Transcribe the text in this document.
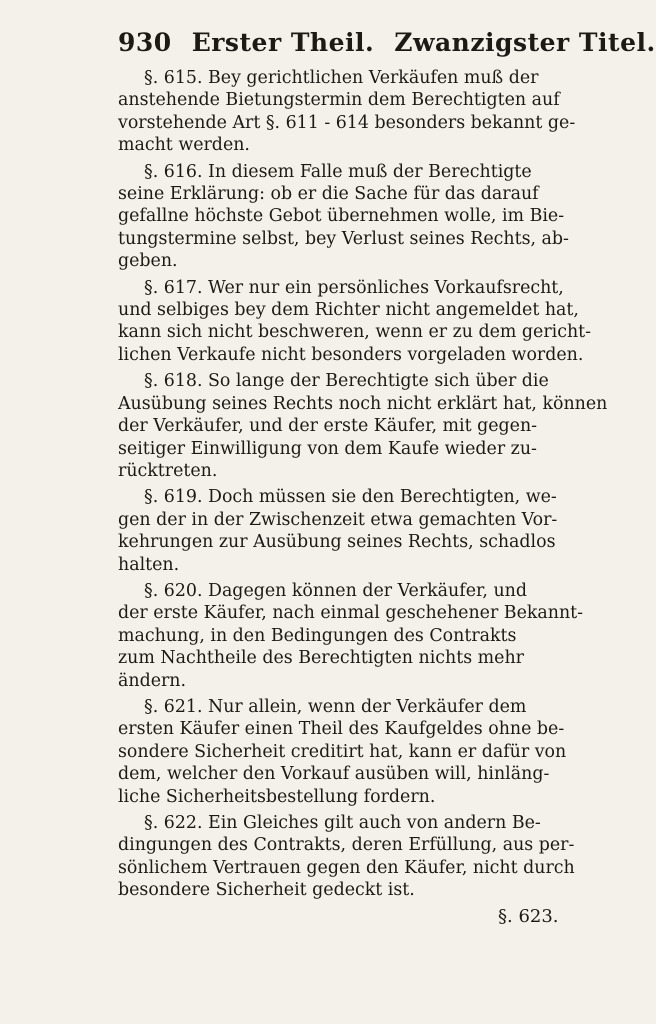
930 Erster Theil. Zwanzigster Titel.
§. 615. Bey gerichtlichen Verkäufen muß der
anstehende Bietungstermin dem Berechtigten auf
vorstehende Art §. 611 - 614 besonders bekannt ge-
macht werden.
§. 616. In diesem Falle muß der Berechtigte
seine Erklärung: ob er die Sache für das darauf
gefallne höchste Gebot übernehmen wolle, im Bie-
tungstermine selbst, bey Verlust seines Rechts, ab-
geben.
§. 617. Wer nur ein persönliches Vorkaufsrecht,
und selbiges bey dem Richter nicht angemeldet hat,
kann sich nicht beschweren, wenn er zu dem gericht-
lichen Verkaufe nicht besonders vorgeladen worden.
§. 618. So lange der Berechtigte sich über die
Ausübung seines Rechts noch nicht erklärt hat, können
der Verkäufer, und der erste Käufer, mit gegen-
seitiger Einwilligung von dem Kaufe wieder zu-
rücktreten.
§. 619. Doch müssen sie den Berechtigten, we-
gen der in der Zwischenzeit etwa gemachten Vor-
kehrungen zur Ausübung seines Rechts, schadlos
halten.
§. 620. Dagegen können der Verkäufer, und
der erste Käufer, nach einmal geschehener Bekannt-
machung, in den Bedingungen des Contrakts
zum Nachtheile des Berechtigten nichts mehr
ändern.
§. 621. Nur allein, wenn der Verkäufer dem
ersten Käufer einen Theil des Kaufgeldes ohne be-
sondere Sicherheit creditirt hat, kann er dafür von
dem, welcher den Vorkauf ausüben will, hinläng-
liche Sicherheitsbestellung fordern.
§. 622. Ein Gleiches gilt auch von andern Be-
dingungen des Contrakts, deren Erfüllung, aus per-
sönlichem Vertrauen gegen den Käufer, nicht durch
besondere Sicherheit gedeckt ist.
§. 623.
